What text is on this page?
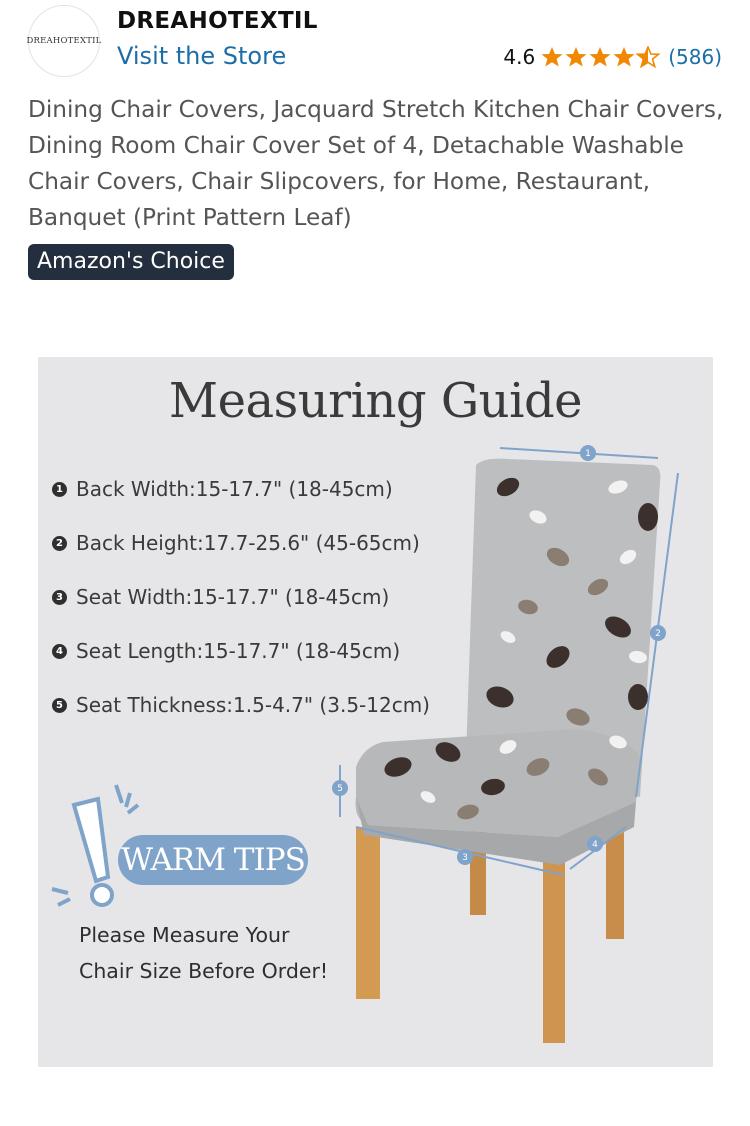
DREAHOTEXTIL
DREAHOTEXTIL
Visit the Store	4.6	(586)
Dining Chair Covers, Jacquard Stretch Kitchen Chair Covers, Dining Room Chair Cover Set of 4, Detachable Washable Chair Covers, Chair Slipcovers, for Home, Restaurant, Banquet (Print Pattern Leaf)
Amazon's Choice
1
2
3
4
5
Measuring Guide
1 Back Width:15-17.7" (18-45cm)
2 Back Height:17.7-25.6" (45-65cm)
3 Seat Width:15-17.7" (18-45cm)
4 Seat Length:15-17.7" (18-45cm)
5 Seat Thickness:1.5-4.7" (3.5-12cm)
WARM TIPS
Please Measure Your
Chair Size Before Order!
